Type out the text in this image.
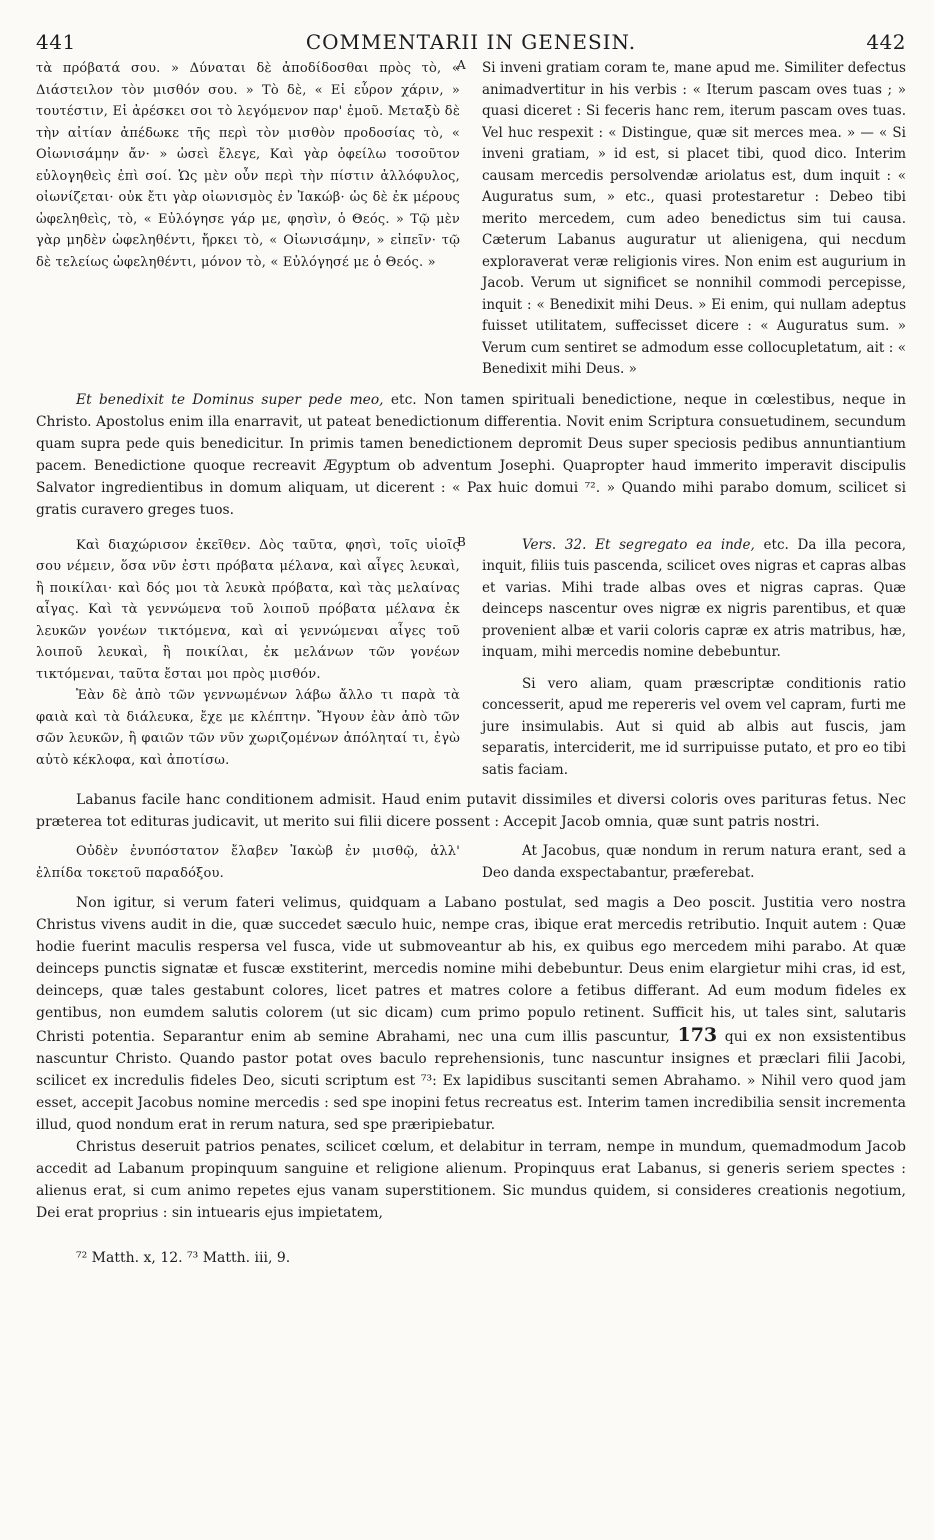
441	COMMENTARII IN GENESIN.	442
A

τὰ πρόβατά σου. » Δύναται δὲ ἀποδίδοσθαι πρὸς τὸ, « Διάστειλον τὸν μισθόν σου. » Τὸ δὲ, « Εἰ εὗρον χάριν, » τουτέστιν, Εἰ ἀρέσκει σοι τὸ λεγόμενον παρ' ἐμοῦ. Μεταξὺ δὲ τὴν αἰτίαν ἀπέδωκε τῆς περὶ τὸν μισθὸν προδοσίας τὸ, « Οἰωνισάμην ἄν· » ὡσεὶ ἔλεγε, Καὶ γὰρ ὀφείλω τοσοῦτον εὐλογηθεὶς ἐπὶ σοί. Ὡς μὲν οὖν περὶ τὴν πίστιν ἀλλόφυλος, οἰωνίζεται· οὐκ ἔτι γὰρ οἰωνισμὸς ἐν Ἰακώβ· ὡς δὲ ἐκ μέρους ὠφεληθεὶς, τὸ, « Εὐλόγησε γάρ με, φησὶν, ὁ Θεός. » Τῷ μὲν γὰρ μηδὲν ὠφεληθέντι, ἤρκει τὸ, « Οἰωνισάμην, » εἰπεῖν· τῷ δὲ τελείως ὠφεληθέντι, μόνον τὸ, « Εὐλόγησέ με ὁ Θεός. »

Si inveni gratiam coram te, mane apud me. Similiter defectus animadvertitur in his verbis : « Iterum pascam oves tuas ; » quasi diceret : Si feceris hanc rem, iterum pascam oves tuas. Vel huc respexit : « Distingue, quæ sit merces mea. » — « Si inveni gratiam, » id est, si placet tibi, quod dico. Interim causam mercedis persolvendæ ariolatus est, dum inquit : « Auguratus sum, » etc., quasi protestaretur : Debeo tibi merito mercedem, cum adeo benedictus sim tui causa. Cæterum Labanus auguratur ut alienigena, qui necdum exploraverat veræ religionis vires. Non enim est augurium in Jacob. Verum ut significet se nonnihil commodi percepisse, inquit : « Benedixit mihi Deus. » Ei enim, qui nullam adeptus fuisset utilitatem, suffecisset dicere : « Auguratus sum. » Verum cum sentiret se admodum esse collocupletatum, ait : « Benedixit mihi Deus. »

Et benedixit te Dominus super pede meo, etc. Non tamen spirituali benedictione, neque in cœlestibus, neque in Christo. Apostolus enim illa enarravit, ut pateat benedictionum differentia. Novit enim Scriptura consuetudinem, secundum quam supra pede quis benedicitur. In primis tamen benedictionem depromit Deus super speciosis pedibus annuntiantium pacem. Benedictione quoque recreavit Ægyptum ob adventum Josephi. Quapropter haud immerito imperavit discipulis Salvator ingredientibus in domum aliquam, ut dicerent : « Pax huic domui ⁷². » Quando mihi parabo domum, scilicet si gratis curavero greges tuos.

B

Καὶ διαχώρισον ἐκεῖθεν. Δὸς ταῦτα, φησὶ, τοῖς υἱοῖς σου νέμειν, ὅσα νῦν ἐστι πρόβατα μέλανα, καὶ αἶγες λευκαὶ, ἢ ποικίλαι· καὶ δός μοι τὰ λευκὰ πρόβατα, καὶ τὰς μελαίνας αἶγας. Καὶ τὰ γεννώμενα τοῦ λοιποῦ πρόβατα μέλανα ἐκ λευκῶν γονέων τικτόμενα, καὶ αἱ γεννώμεναι αἶγες τοῦ λοιποῦ λευκαὶ, ἢ ποικίλαι, ἐκ μελάνων τῶν γονέων τικτόμεναι, ταῦτα ἔσται μοι πρὸς μισθόν.

Ἐὰν δὲ ἀπὸ τῶν γεννωμένων λάβω ἄλλο τι παρὰ τὰ φαιὰ καὶ τὰ διάλευκα, ἔχε με κλέπτην. Ἤγουν ἐὰν ἀπὸ τῶν σῶν λευκῶν, ἢ φαιῶν τῶν νῦν χωριζομένων ἀπόληταί τι, ἐγὼ αὐτὸ κέκλοφα, καὶ ἀποτίσω.

Vers. 32. Et segregato ea inde, etc. Da illa pecora, inquit, filiis tuis pascenda, scilicet oves nigras et capras albas et varias. Mihi trade albas oves et nigras capras. Quæ deinceps nascentur oves nigræ ex nigris parentibus, et quæ provenient albæ et varii coloris capræ ex atris matribus, hæ, inquam, mihi mercedis nomine debebuntur.

Si vero aliam, quam præscriptæ conditionis ratio concesserit, apud me repereris vel ovem vel capram, furti me jure insimulabis. Aut si quid ab albis aut fuscis, jam separatis, interciderit, me id surripuisse putato, et pro eo tibi satis faciam.

Labanus facile hanc conditionem admisit. Haud enim putavit dissimiles et diversi coloris oves parituras fetus. Nec præterea tot edituras judicavit, ut merito sui filii dicere possent : Accepit Jacob omnia, quæ sunt patris nostri.

Οὐδὲν ἐνυπόστατον ἔλαβεν Ἰακὼβ ἐν μισθῷ, ἀλλ' ἐλπίδα τοκετοῦ παραδόξου.

At Jacobus, quæ nondum in rerum natura erant, sed a Deo danda exspectabantur, præferebat.

Non igitur, si verum fateri velimus, quidquam a Labano postulat, sed magis a Deo poscit. Justitia vero nostra Christus vivens audit in die, quæ succedet sæculo huic, nempe cras, ibique erat mercedis retributio. Inquit autem : Quæ hodie fuerint maculis respersa vel fusca, vide ut submoveantur ab his, ex quibus ego mercedem mihi parabo. At quæ deinceps punctis signatæ et fuscæ exstiterint, mercedis nomine mihi debebuntur. Deus enim elargietur mihi cras, id est, deinceps, quæ tales gestabunt colores, licet patres et matres colore a fetibus differant. Ad eum modum fideles ex gentibus, non eumdem salutis colorem (ut sic dicam) cum primo populo retinent. Sufficit his, ut tales sint, salutaris Christi potentia. Separantur enim ab semine Abrahami, nec una cum illis pascuntur, 173 qui ex non exsistentibus nascuntur Christo. Quando pastor potat oves baculo reprehensionis, tunc nascuntur insignes et præclari filii Jacobi, scilicet ex incredulis fideles Deo, sicuti scriptum est ⁷³: Ex lapidibus suscitanti semen Abrahamo. » Nihil vero quod jam esset, accepit Jacobus nomine mercedis : sed spe inopini fetus recreatus est. Interim tamen incredibilia sensit incrementa illud, quod nondum erat in rerum natura, sed spe præripiebatur.

Christus deseruit patrios penates, scilicet cœlum, et delabitur in terram, nempe in mundum, quemadmodum Jacob accedit ad Labanum propinquum sanguine et religione alienum. Propinquus erat Labanus, si generis seriem spectes : alienus erat, si cum animo repetes ejus vanam superstitionem. Sic mundus quidem, si consideres creationis negotium, Dei erat proprius : sin intuearis ejus impietatem,

⁷² Matth. x, 12. ⁷³ Matth. iii, 9.
